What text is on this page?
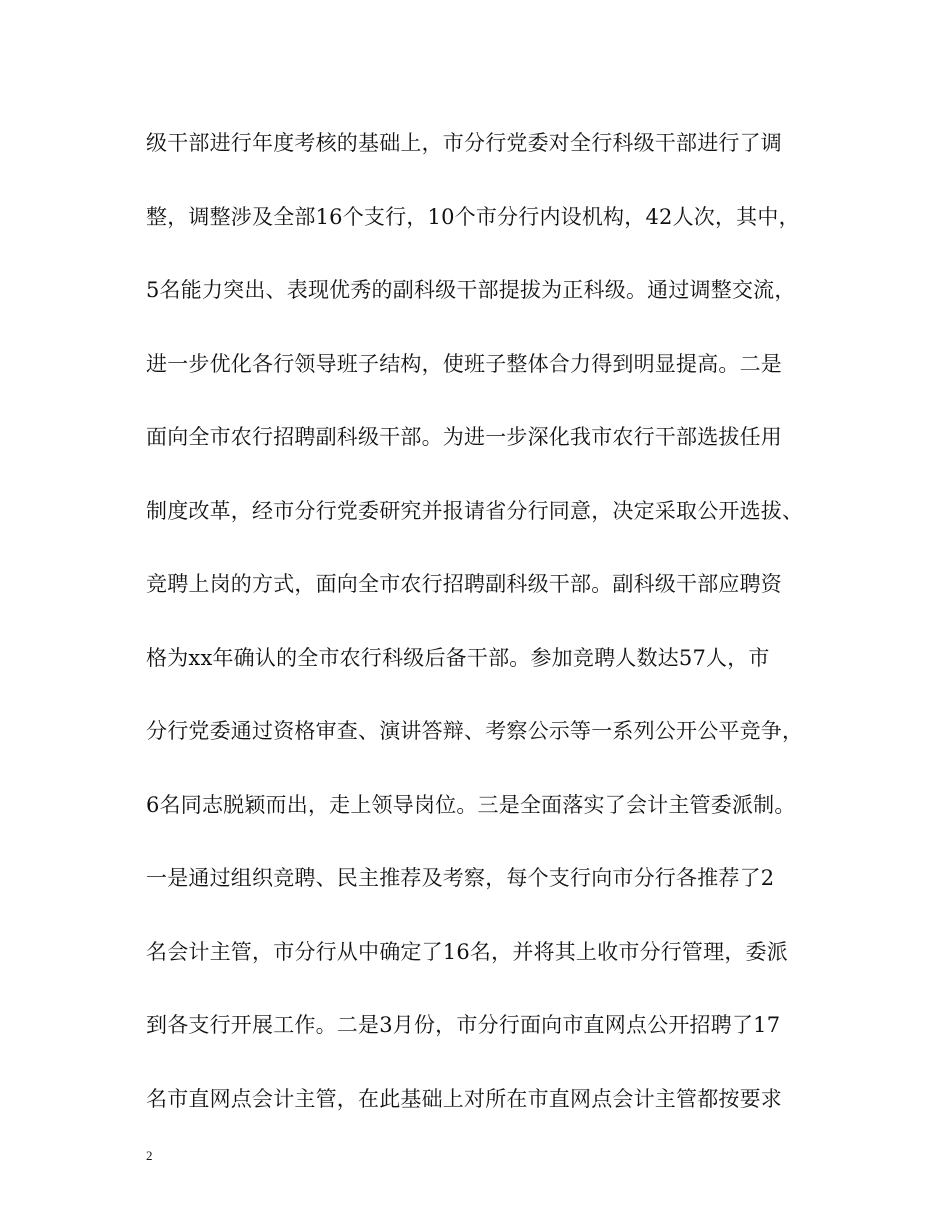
级干部进行年度考核的基础上，市分行党委对全行科级干部进行了调
整，调整涉及全部16个支行，10个市分行内设机构，42人次，其中，
5名能力突出、表现优秀的副科级干部提拔为正科级。通过调整交流，
进一步优化各行领导班子结构，使班子整体合力得到明显提高。二是
面向全市农行招聘副科级干部。为进一步深化我市农行干部选拔任用
制度改革，经市分行党委研究并报请省分行同意，决定采取公开选拔、
竞聘上岗的方式，面向全市农行招聘副科级干部。副科级干部应聘资
格为xx年确认的全市农行科级后备干部。参加竞聘人数达57人，市
分行党委通过资格审查、演讲答辩、考察公示等一系列公开公平竞争，
6名同志脱颖而出，走上领导岗位。三是全面落实了会计主管委派制。
一是通过组织竞聘、民主推荐及考察，每个支行向市分行各推荐了2
名会计主管，市分行从中确定了16名，并将其上收市分行管理，委派
到各支行开展工作。二是3月份，市分行面向市直网点公开招聘了17
名市直网点会计主管，在此基础上对所在市直网点会计主管都按要求
2
